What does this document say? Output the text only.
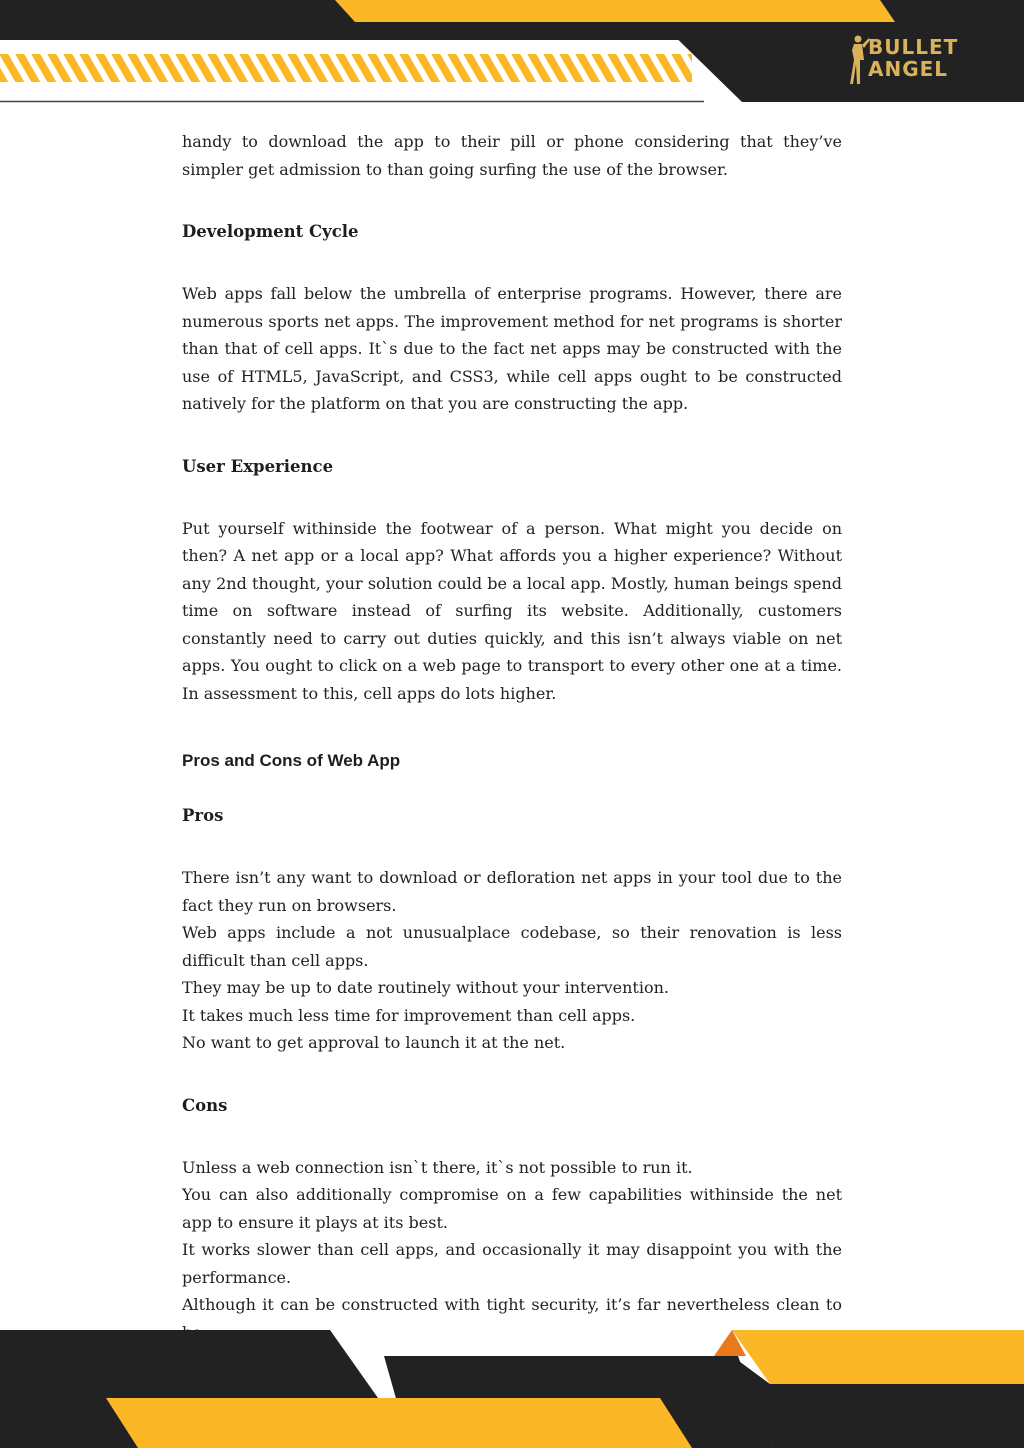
BULLET
ANGEL

handy to download the app to their pill or phone considering that they’ve simpler get admission to than going surfing the use of the browser.

Development Cycle

Web apps fall below the umbrella of enterprise programs. However, there are numerous sports net apps. The improvement method for net programs is shorter than that of cell apps. It`s due to the fact net apps may be constructed with the use of HTML5, JavaScript, and CSS3, while cell apps ought to be constructed natively for the platform on that you are constructing the app.

User Experience

Put yourself withinside the footwear of a person. What might you decide on then? A net app or a local app? What affords you a higher experience? Without any 2nd thought, your solution could be a local app. Mostly, human beings spend time on software instead of surfing its website. Additionally, customers constantly need to carry out duties quickly, and this isn’t always viable on net apps. You ought to click on a web page to transport to every other one at a time. In assessment to this, cell apps do lots higher.

Pros and Cons of Web App
Pros

There isn’t any want to download or defloration net apps in your tool due to the fact they run on browsers.

Web apps include a not unusualplace codebase, so their renovation is less difficult than cell apps.

They may be up to date routinely without your intervention.

It takes much less time for improvement than cell apps.

No want to get approval to launch it at the net.

Cons

Unless a web connection isn`t there, it`s not possible to run it.

You can also additionally compromise on a few capabilities withinside the net app to ensure it plays at its best.

It works slower than cell apps, and occasionally it may disappoint you with the performance.

Although it can be constructed with tight security, it’s far nevertheless clean to
